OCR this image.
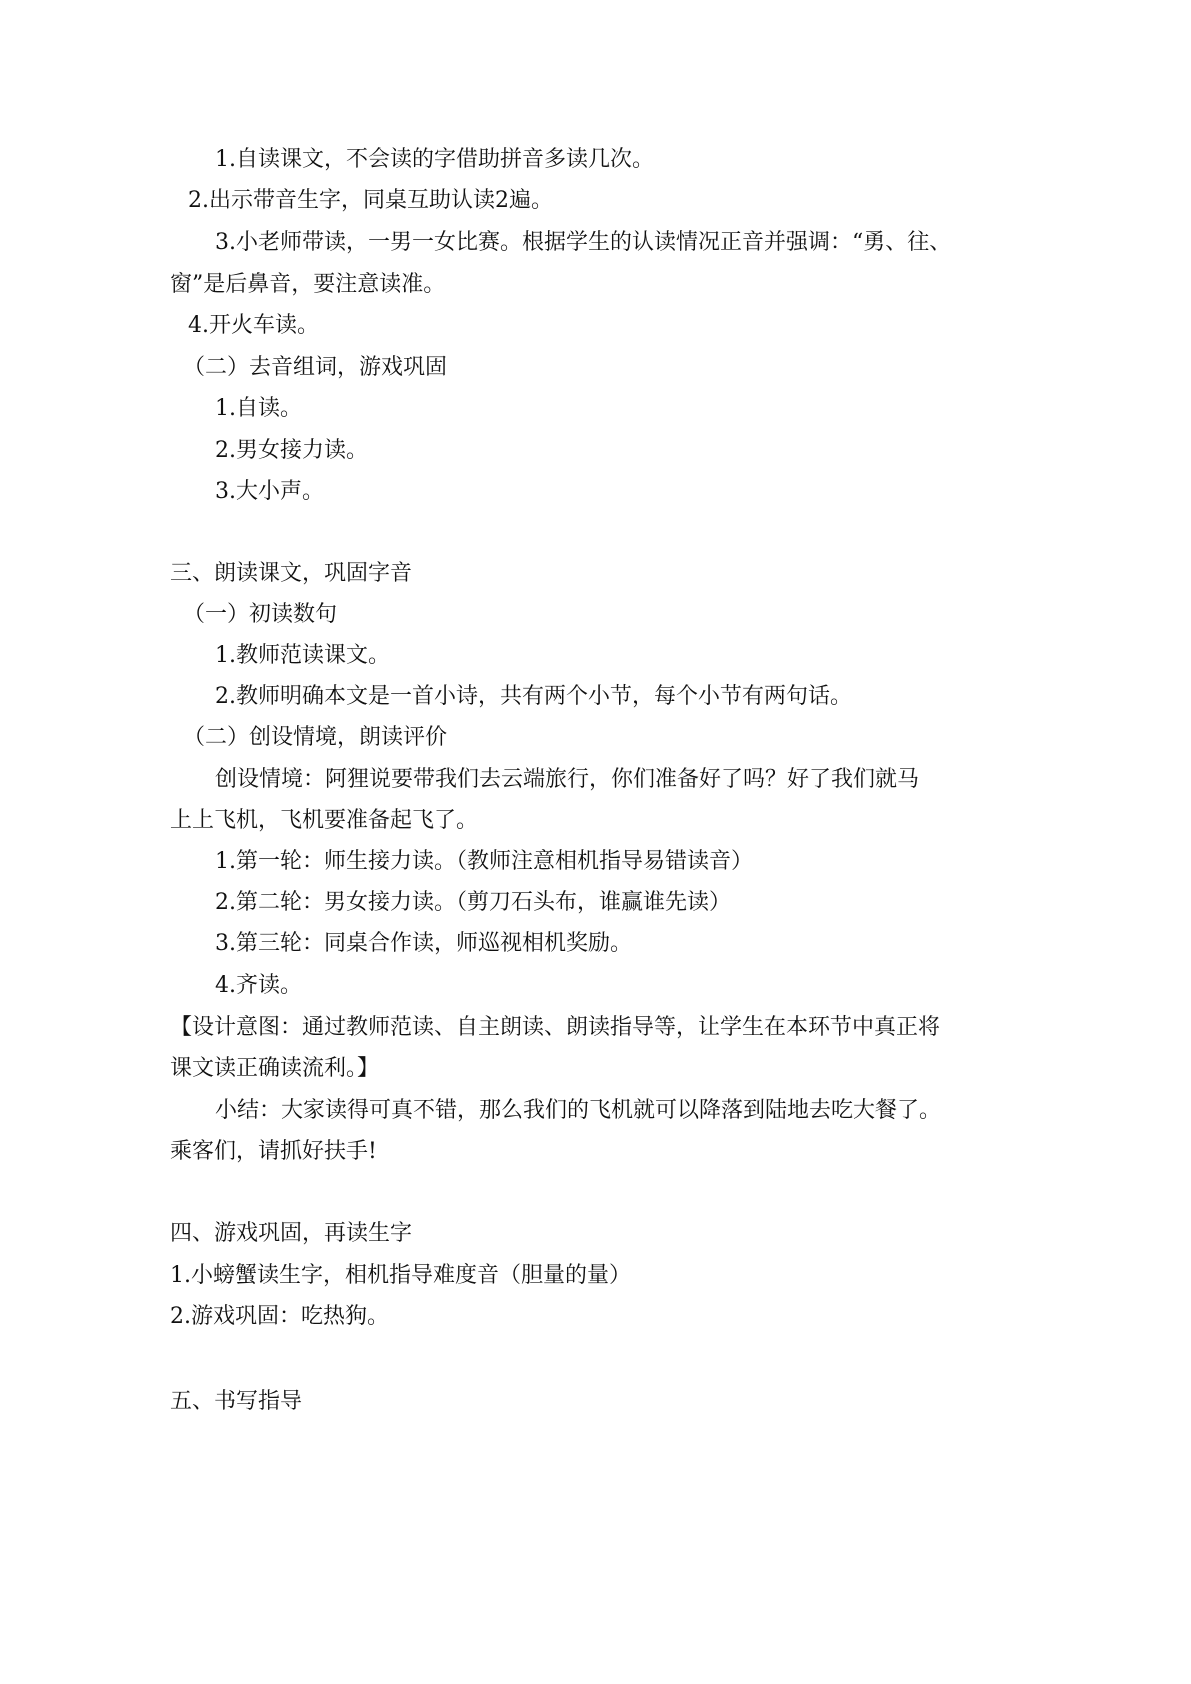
1.自读课文，不会读的字借助拼音多读几次。
2.出示带音生字，同桌互助认读2遍。
3.小老师带读，一男一女比赛。根据学生的认读情况正音并强调：“勇、往、
窗”是后鼻音，要注意读准。
4.开火车读。
（二）去音组词，游戏巩固
1.自读。
2.男女接力读。
3.大小声。
三、朗读课文，巩固字音
（一）初读数句
1.教师范读课文。
2.教师明确本文是一首小诗，共有两个小节，每个小节有两句话。
（二）创设情境，朗读评价
创设情境：阿狸说要带我们去云端旅行，你们准备好了吗？好了我们就马
上上飞机，飞机要准备起飞了。
1.第一轮：师生接力读。（教师注意相机指导易错读音）
2.第二轮：男女接力读。（剪刀石头布，谁赢谁先读）
3.第三轮：同桌合作读，师巡视相机奖励。
4.齐读。
【设计意图：通过教师范读、自主朗读、朗读指导等，让学生在本环节中真正将
课文读正确读流利。】
小结：大家读得可真不错，那么我们的飞机就可以降落到陆地去吃大餐了。
乘客们，请抓好扶手!
四、游戏巩固，再读生字
1.小螃蟹读生字，相机指导难度音（胆量的量）
2.游戏巩固：吃热狗。
五、书写指导
